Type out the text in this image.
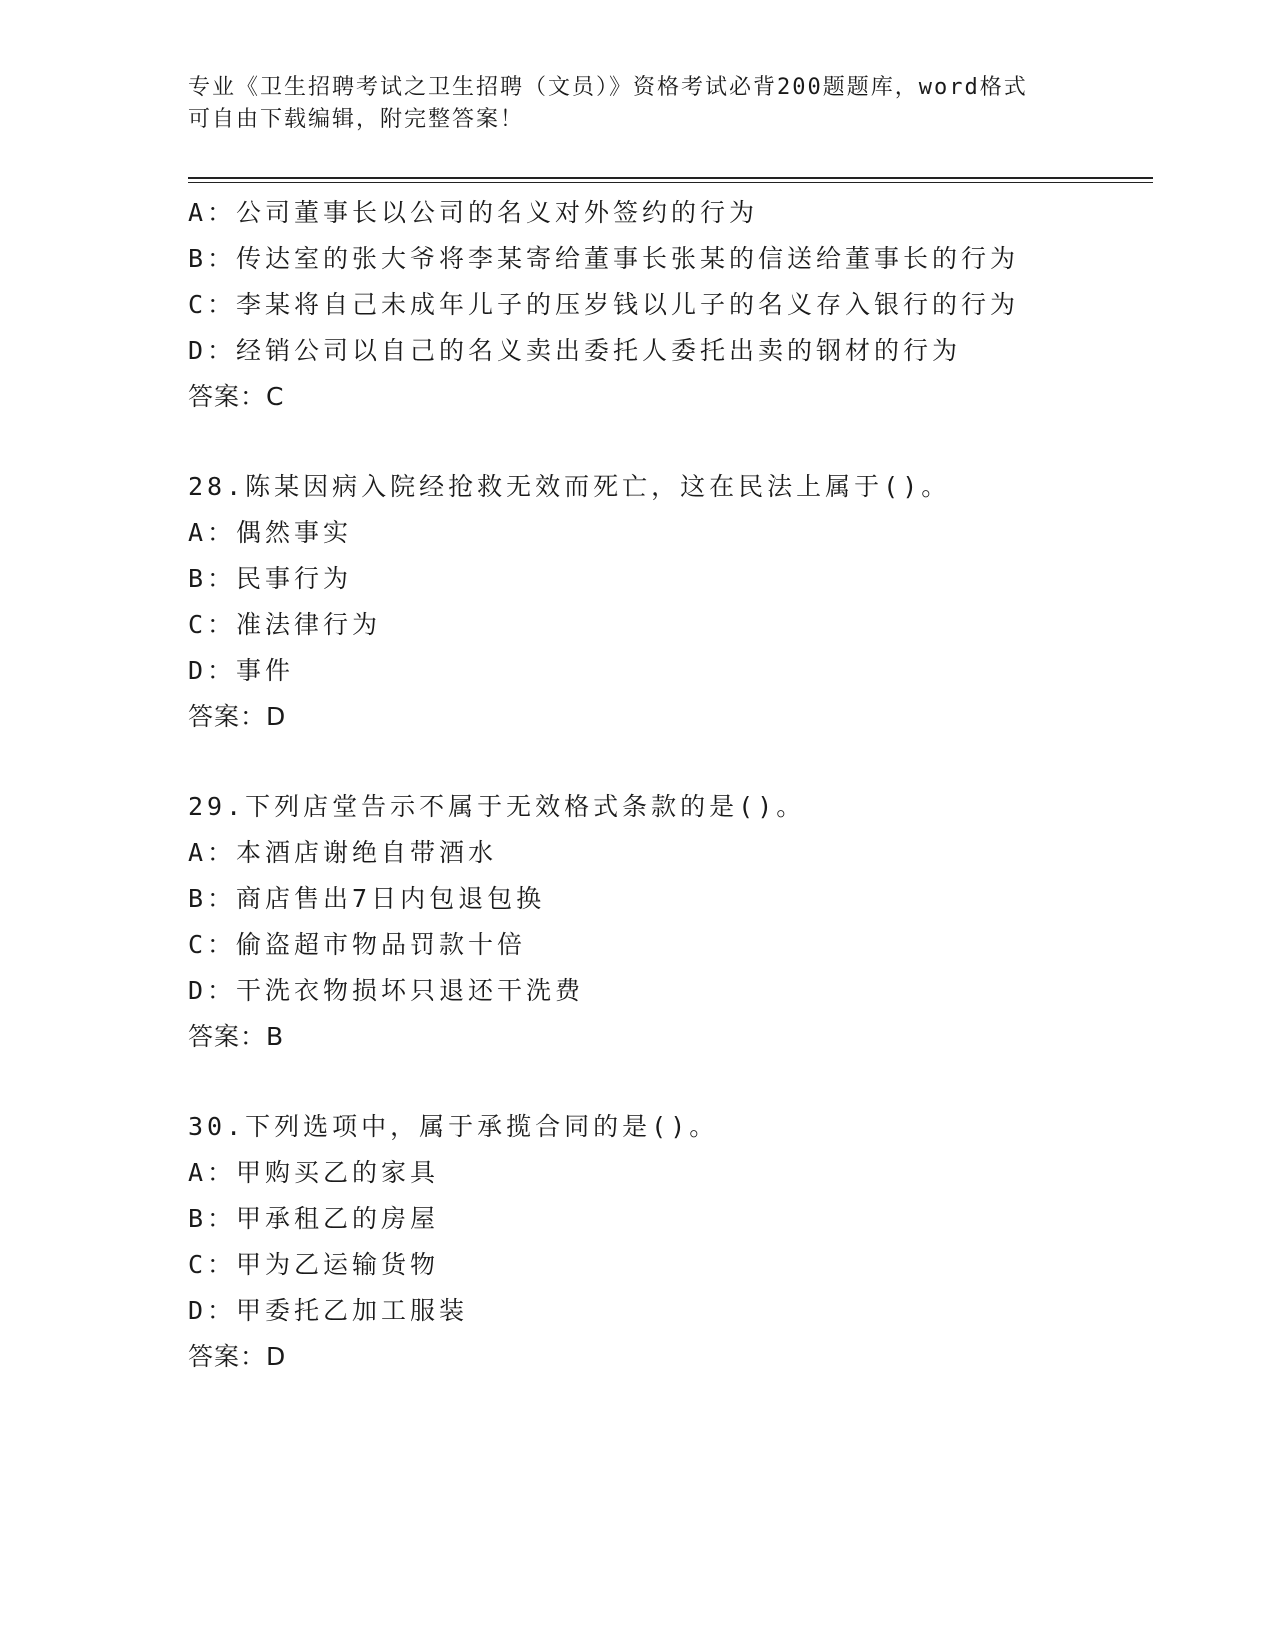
专业《卫生招聘考试之卫生招聘（文员）》资格考试必背200题题库，word格式
可自由下载编辑，附完整答案！
A：公司董事长以公司的名义对外签约的行为
B：传达室的张大爷将李某寄给董事长张某的信送给董事长的行为
C：李某将自己未成年儿子的压岁钱以儿子的名义存入银行的行为
D：经销公司以自己的名义卖出委托人委托出卖的钢材的行为
答案：C
28.陈某因病入院经抢救无效而死亡，这在民法上属于()。
A：偶然事实
B：民事行为
C：准法律行为
D：事件
答案：D
29.下列店堂告示不属于无效格式条款的是()。
A：本酒店谢绝自带酒水
B：商店售出7日内包退包换
C：偷盗超市物品罚款十倍
D：干洗衣物损坏只退还干洗费
答案：B
30.下列选项中，属于承揽合同的是()。
A：甲购买乙的家具
B：甲承租乙的房屋
C：甲为乙运输货物
D：甲委托乙加工服装
答案：D
